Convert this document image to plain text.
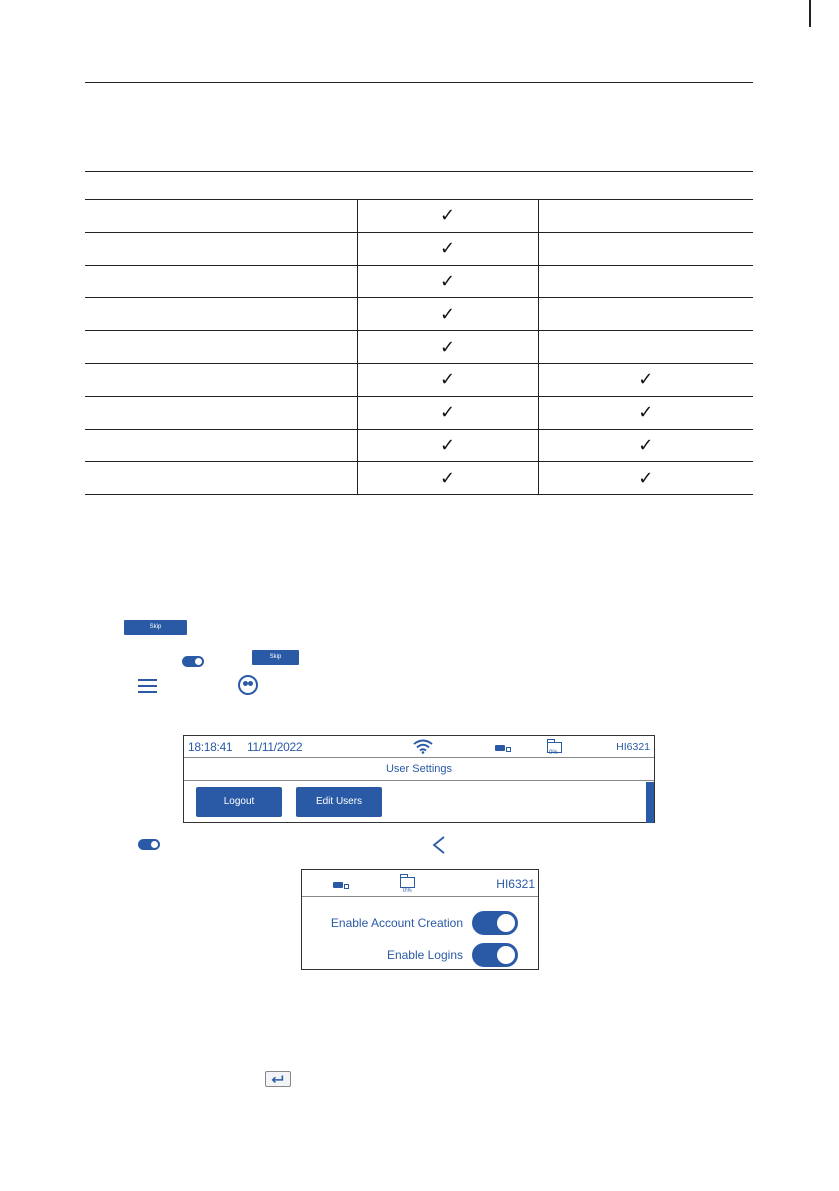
	✓	
	✓	
	✓	
	✓	
	✓	
	✓	✓
	✓	✓
	✓	✓
	✓	✓
Skip
Skip
18:18:41 11/11/2022	0%	HI6321
User Settings
Logout	Edit Users
0%	HI6321
Enable Account Creation
Enable Logins
